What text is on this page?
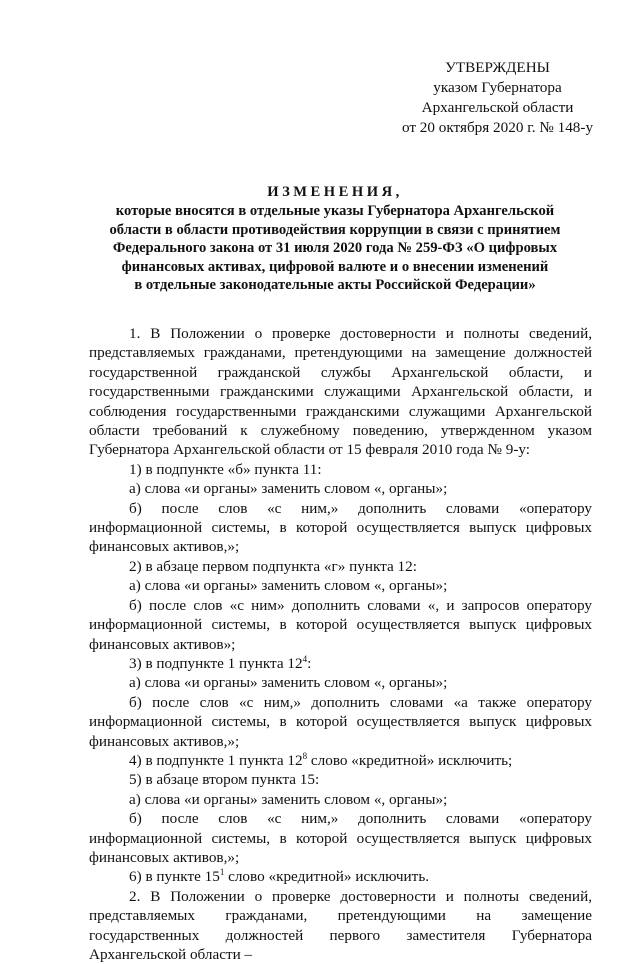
УТВЕРЖДЕНЫ
указом Губернатора
Архангельской области
от 20 октября 2020 г. № 148-у
ИЗМЕНЕНИЯ,
которые вносятся в отдельные указы Губернатора Архангельской
области в области противодействия коррупции в связи с принятием
Федерального закона от 31 июля 2020 года № 259-ФЗ «О цифровых
финансовых активах, цифровой валюте и о внесении изменений
в отдельные законодательные акты Российской Федерации»

1. В Положении о проверке достоверности и полноты сведений, представляемых гражданами, претендующими на замещение должностей государственной гражданской службы Архангельской области, и государственными гражданскими служащими Архангельской области, и соблюдения государственными гражданскими служащими Архангельской области требований к служебному поведению, утвержденном указом Губернатора Архангельской области от 15 февраля 2010 года № 9-у:

1) в подпункте «б» пункта 11:

а) слова «и органы» заменить словом «, органы»;

б) после слов «с ним,» дополнить словами «оператору информационной системы, в которой осуществляется выпуск цифровых финансовых активов,»;

2) в абзаце первом подпункта «г» пункта 12:

а) слова «и органы» заменить словом «, органы»;

б) после слов «с ним» дополнить словами «, и запросов оператору информационной системы, в которой осуществляется выпуск цифровых финансовых активов»;

3) в подпункте 1 пункта $12^4$:

а) слова «и органы» заменить словом «, органы»;

б) после слов «с ним,» дополнить словами «а также оператору информационной системы, в которой осуществляется выпуск цифровых финансовых активов,»;

4) в подпункте 1 пункта $12^8$ слово «кредитной» исключить;

5) в абзаце втором пункта 15:

а) слова «и органы» заменить словом «, органы»;

б) после слов «с ним,» дополнить словами «оператору информационной системы, в которой осуществляется выпуск цифровых финансовых активов,»;

6) в пункте $15^1$ слово «кредитной» исключить.

2. В Положении о проверке достоверности и полноты сведений, представляемых гражданами, претендующими на замещение государственных должностей первого заместителя Губернатора Архангельской области –
